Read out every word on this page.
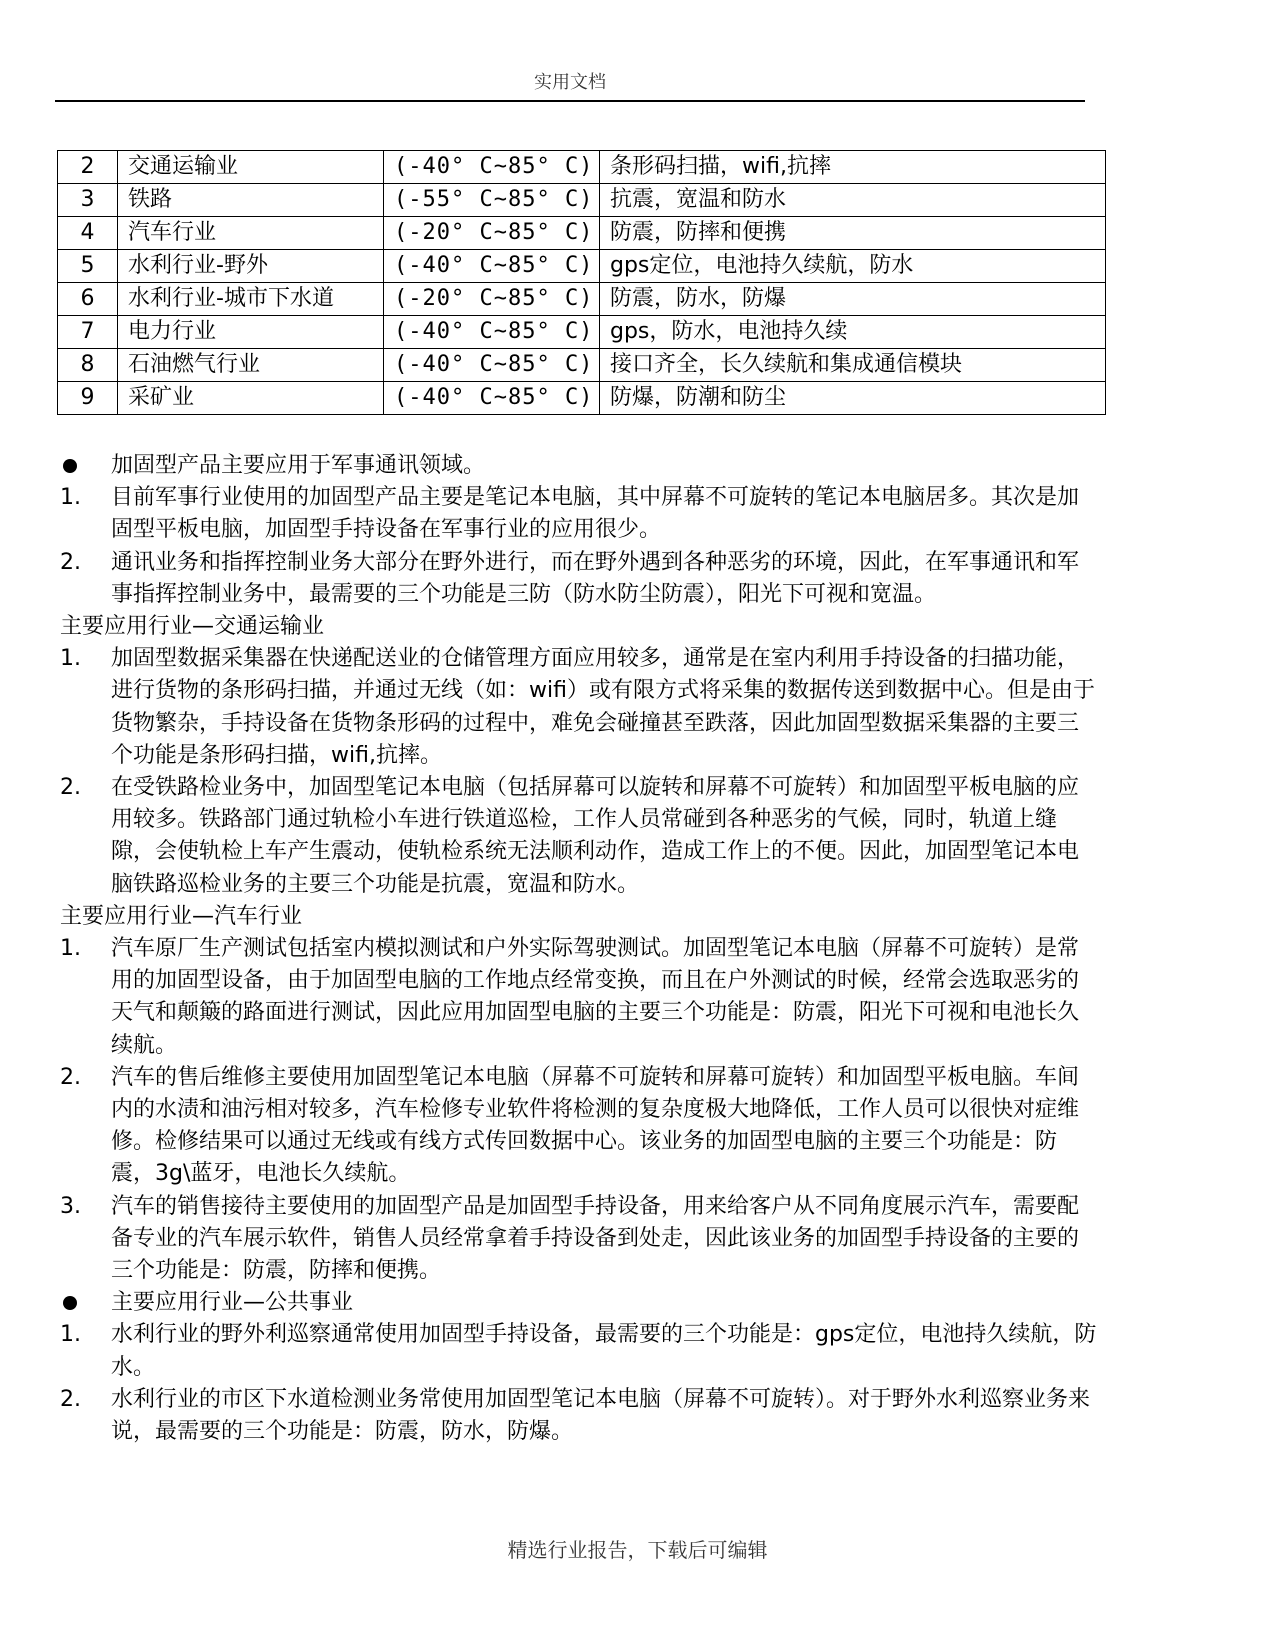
实用文档
2	交通运输业	(-40° C~85° C)	条形码扫描，wifi,抗摔
3	铁路	(-55° C~85° C)	抗震，宽温和防水
4	汽车行业	(-20° C~85° C)	防震，防摔和便携
5	水利行业-野外	(-40° C~85° C)	gps定位，电池持久续航，防水
6	水利行业-城市下水道	(-20° C~85° C)	防震，防水，防爆
7	电力行业	(-40° C~85° C)	gps，防水，电池持久续
8	石油燃气行业	(-40° C~85° C)	接口齐全，长久续航和集成通信模块
9	采矿业	(-40° C~85° C)	防爆，防潮和防尘
加固型产品主要应用于军事通讯领域。
1. 目前军事行业使用的加固型产品主要是笔记本电脑，其中屏幕不可旋转的笔记本电脑居多。其次是加固型平板电脑，加固型手持设备在军事行业的应用很少。
2. 通讯业务和指挥控制业务大部分在野外进行，而在野外遇到各种恶劣的环境，因此，在军事通讯和军事指挥控制业务中，最需要的三个功能是三防（防水防尘防震），阳光下可视和宽温。
主要应用行业—交通运输业
1. 加固型数据采集器在快递配送业的仓储管理方面应用较多，通常是在室内利用手持设备的扫描功能，进行货物的条形码扫描，并通过无线（如：wifi）或有限方式将采集的数据传送到数据中心。但是由于货物繁杂，手持设备在货物条形码的过程中，难免会碰撞甚至跌落，因此加固型数据采集器的主要三个功能是条形码扫描，wifi,抗摔。
2. 在受铁路检业务中，加固型笔记本电脑（包括屏幕可以旋转和屏幕不可旋转）和加固型平板电脑的应用较多。铁路部门通过轨检小车进行铁道巡检，工作人员常碰到各种恶劣的气候，同时，轨道上缝隙，会使轨检上车产生震动，使轨检系统无法顺利动作，造成工作上的不便。因此，加固型笔记本电脑铁路巡检业务的主要三个功能是抗震，宽温和防水。
主要应用行业—汽车行业
1. 汽车原厂生产测试包括室内模拟测试和户外实际驾驶测试。加固型笔记本电脑（屏幕不可旋转）是常用的加固型设备，由于加固型电脑的工作地点经常变换，而且在户外测试的时候，经常会选取恶劣的天气和颠簸的路面进行测试，因此应用加固型电脑的主要三个功能是：防震，阳光下可视和电池长久续航。
2. 汽车的售后维修主要使用加固型笔记本电脑（屏幕不可旋转和屏幕可旋转）和加固型平板电脑。车间内的水渍和油污相对较多，汽车检修专业软件将检测的复杂度极大地降低，工作人员可以很快对症维修。检修结果可以通过无线或有线方式传回数据中心。该业务的加固型电脑的主要三个功能是：防震，3g\蓝牙，电池长久续航。
3. 汽车的销售接待主要使用的加固型产品是加固型手持设备，用来给客户从不同角度展示汽车，需要配备专业的汽车展示软件，销售人员经常拿着手持设备到处走，因此该业务的加固型手持设备的主要的三个功能是：防震，防摔和便携。
主要应用行业—公共事业
1. 水利行业的野外利巡察通常使用加固型手持设备，最需要的三个功能是：gps定位，电池持久续航，防水。
2. 水利行业的市区下水道检测业务常使用加固型笔记本电脑（屏幕不可旋转）。对于野外水利巡察业务来说，最需要的三个功能是：防震，防水，防爆。
精选行业报告，下载后可编辑
